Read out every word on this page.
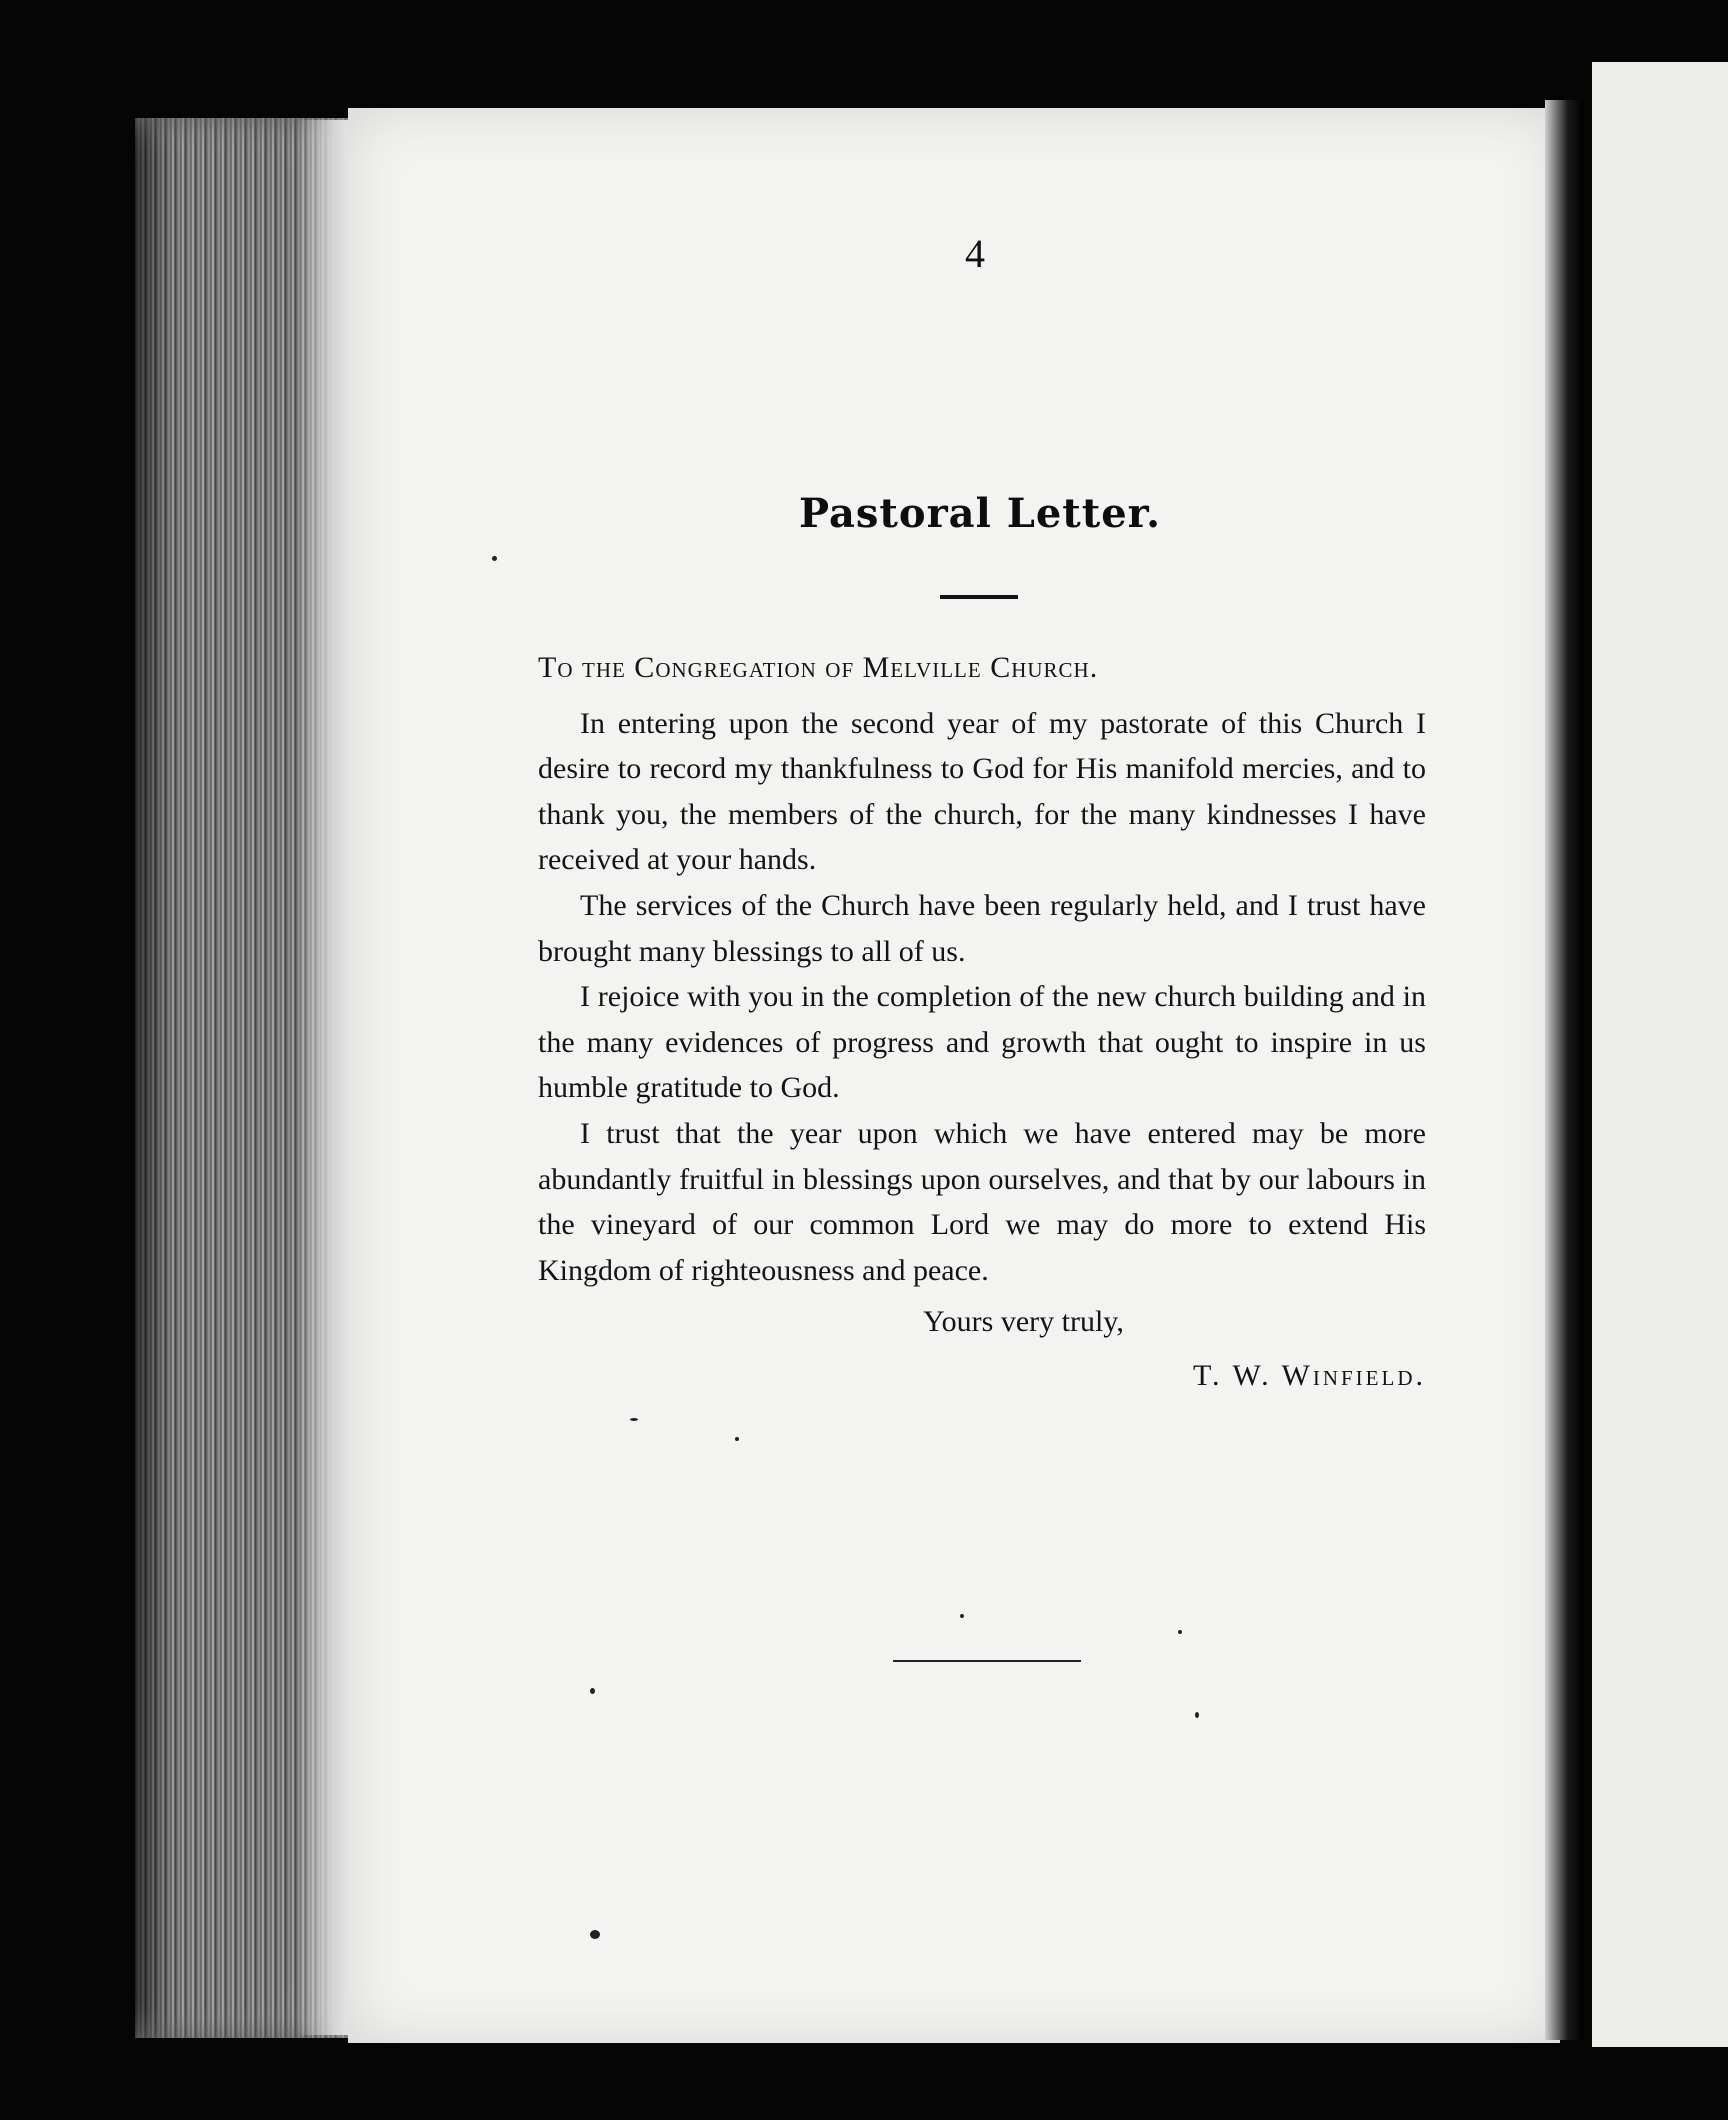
4
Pastoral Letter.

To the Congregation of Melville Church.

In entering upon the second year of my pastorate of this Church I desire to record my thankfulness to God for His manifold mercies, and to thank you, the members of the church, for the many kindnesses I have received at your hands.

The services of the Church have been regularly held, and I trust have brought many blessings to all of us.

I rejoice with you in the completion of the new church building and in the many evidences of progress and growth that ought to inspire in us humble gratitude to God.

I trust that the year upon which we have entered may be more abundantly fruitful in blessings upon ourselves, and that by our labours in the vineyard of our common Lord we may do more to extend His Kingdom of righteousness and peace.

Yours very truly,

T. W. Winfield.
